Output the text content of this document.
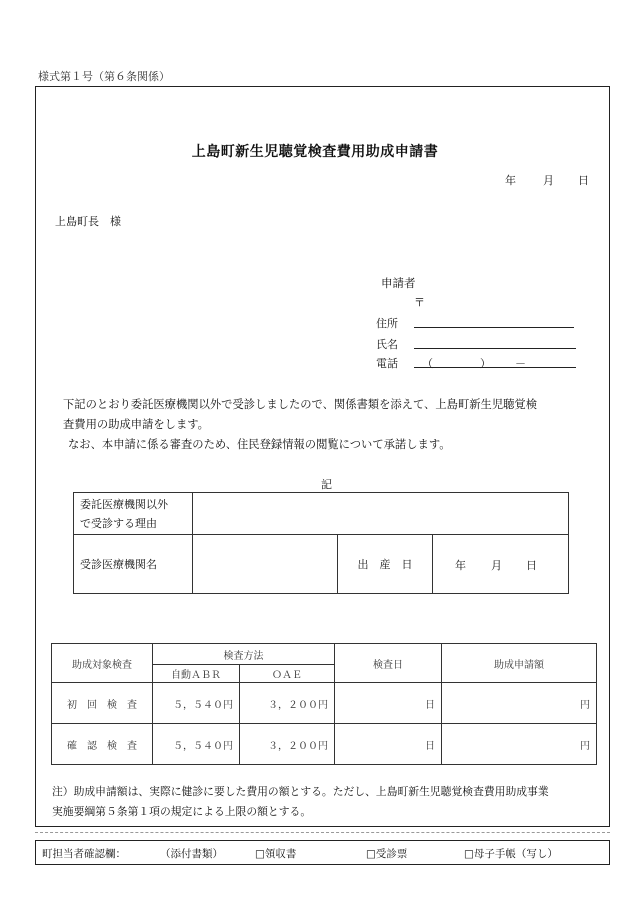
様式第１号（第６条関係）
上島町新生児聴覚検査費用助成申請書
年 月 日
上島町長　様
申請者
〒
住所
氏名
電話 （	） －
下記のとおり委託医療機関以外で受診しましたので、関係書類を添えて、上島町新生児聴覚検
査費用の助成申請をします。
なお、本申請に係る審査のため、住民登録情報の閲覧について承諾します。
記
委託医療機関以外
で受診する理由			

受診医療機関名		出　産　日	年 月 日
助成対象検査	検査方法		検査日	助成申請額
	自動ＡＢＲ	ＯＡＥ		
初　回　検　査	５，５４０円	３，２００円	日	円
確　認　検　査	５，５４０円	３，２００円	日	円
注）助成申請額は、実際に健診に要した費用の額とする。ただし、上島町新生児聴覚検査費用助成事業
実施要綱第５条第１項の規定による上限の額とする。
町担当者確認欄：	（添付書類）	□領収書	□受診票	□母子手帳（写し）
